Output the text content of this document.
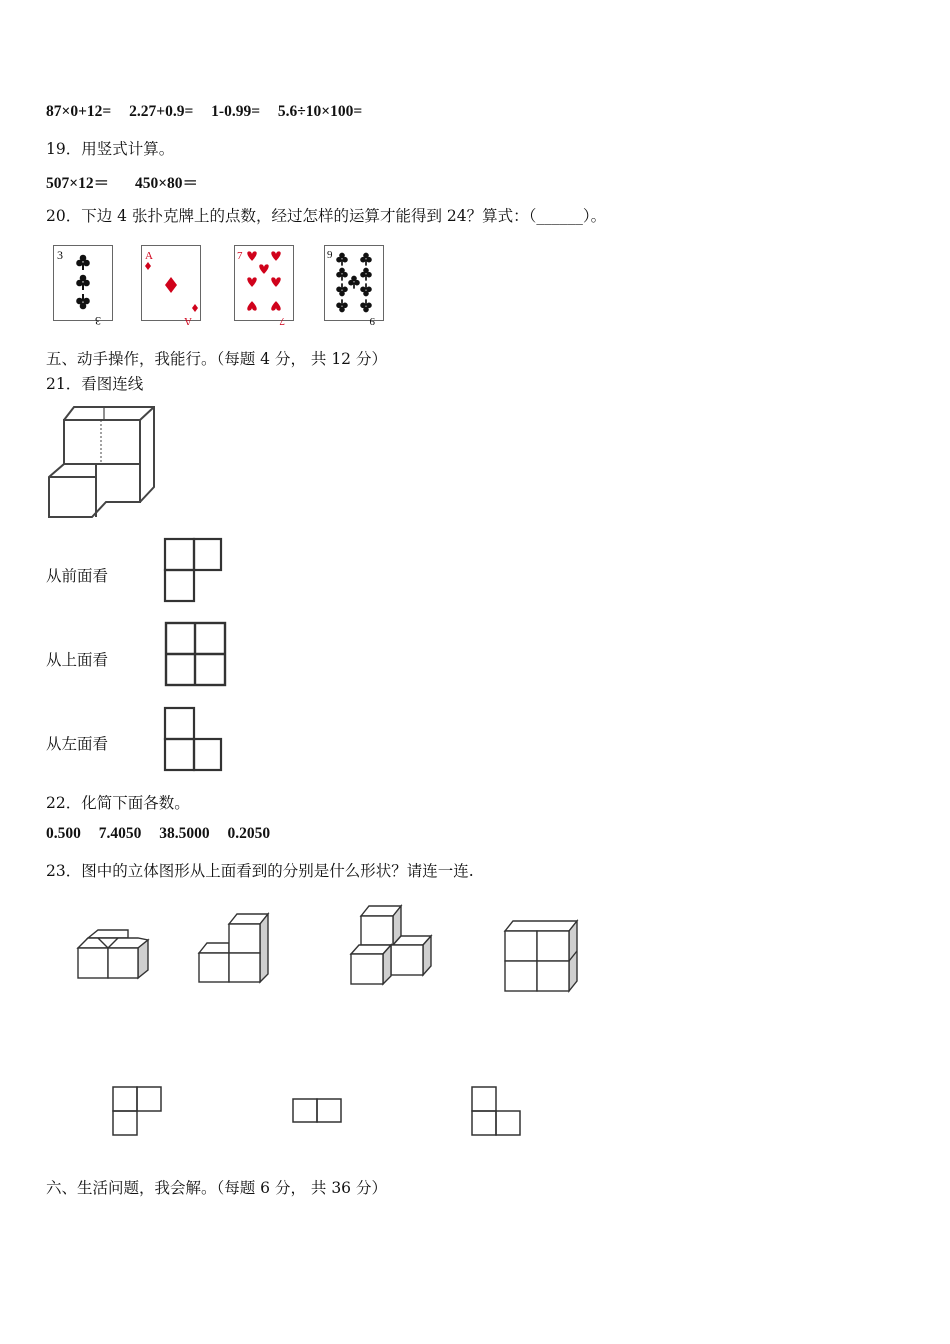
87×0+12= 2.27+0.9= 1-0.99= 5.6÷10×100=
19．用竖式计算。
507×12＝ 450×80＝
20．下边 4 张扑克牌上的点数，经过怎样的运算才能得到 24？算式：（______）。
3
3
A
A
7
7
9
9
五、动手操作，我能行。（每题 4 分， 共 12 分）
21．看图连线
从前面看
从上面看
从左面看
22．化简下面各数。
0.500 7.4050 38.5000 0.2050
23．图中的立体图形从上面看到的分别是什么形状？请连一连.
六、生活问题，我会解。（每题 6 分， 共 36 分）
